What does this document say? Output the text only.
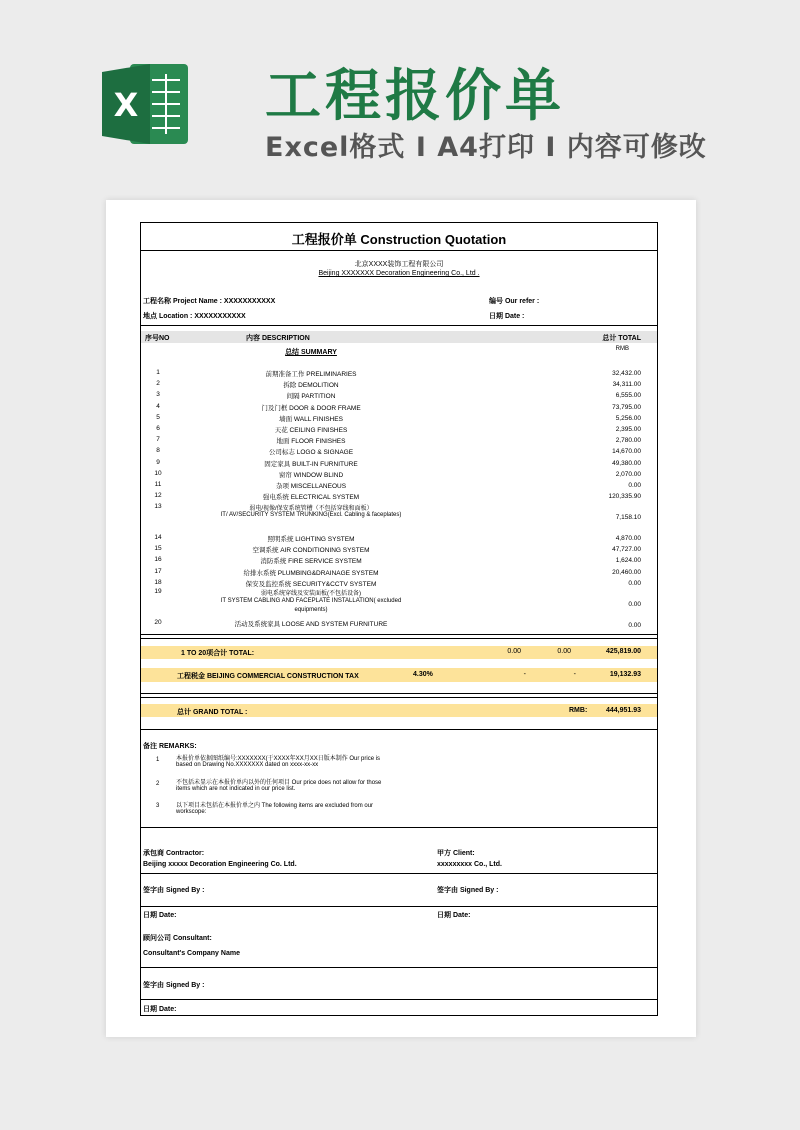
X 工程报价单
Excel格式 I A4打印 I 内容可修改
工程报价单 Construction Quotation
北京XXXX装饰工程有限公司
Beijing XXXXXXX Decoration Engineering Co., Ltd .
工程名称 Project Name : XXXXXXXXXXX	编号 Our refer :
地点 Location : XXXXXXXXXXX	日期 Date :
序号NO	内容 DESCRIPTION	总计 TOTAL
RMB
总结 SUMMARY
1	前期准备工作 PRELIMINARIES	32,432.00
2	拆除 DEMOLITION	34,311.00
3	间隔 PARTITION	6,555.00
4	门及门框 DOOR & DOOR FRAME	73,795.00
5	墙面 WALL FINISHES	5,256.00
6	天花 CEILING FINISHES	2,395.00
7	地面 FLOOR FINISHES	2,780.00
8	公司标志 LOGO & SIGNAGE	14,670.00
9	固定家具 BUILT-IN FURNITURE	49,380.00
10	窗帘 WINDOW BLIND	2,070.00
11	杂项 MISCELLANEOUS	0.00
12	强电系统 ELECTRICAL SYSTEM	120,335.90
13	弱电/视像/保安系统管槽（不包括穿线和面板）
IT/ AV/SECURITY SYSTEM TRUNKING(Excl. Cabling & faceplates)	7,158.10
14	照明系统 LIGHTING SYSTEM	4,870.00
15	空调系统 AIR CONDITIONING SYSTEM	47,727.00
16	消防系统 FIRE SERVICE SYSTEM	1,624.00
17	给排水系统 PLUMBING&DRAINAGE SYSTEM	20,460.00
18	保安及监控系统 SECURITY&CCTV SYSTEM	0.00
19	弱电系统穿线及安装面板(不包括设备)
IT SYSTEM CABLING AND FACEPLATE INSTALLATION( excluded
equipments)
0.00
20	活动及系统家具 LOOSE AND SYSTEM FURNITURE	0.00
1 TO 20项合计 TOTAL:	0.00	0.00	425,819.00
工程税金 BEIJING COMMERCIAL CONSTRUCTION TAX	4.30%	-	-	19,132.93
总计 GRAND TOTAL :	RMB:	444,951.93
备注 REMARKS:
1	本报价单依据图纸编号:XXXXXXX(于XXXX年XX月XX日版本制作 Our price is
based on Drawing No.XXXXXXX dated on xxxx-xx-xx
2	不包括未显示在本报价单内以外的任何项目 Our price does not allow for those
items which are not indicated in our price list.
3	以下项目未包括在本报价单之内 The following items are excluded from our
workscope:
承包商 Contractor:	甲方 Client:
Beijing xxxxx Decoration Engineering Co. Ltd.	xxxxxxxxx Co., Ltd.
签字由 Signed By :	签字由 Signed By :
日期 Date:	日期 Date:
顾问公司 Consultant:
Consultant's Company Name
签字由 Signed By :
日期 Date:
